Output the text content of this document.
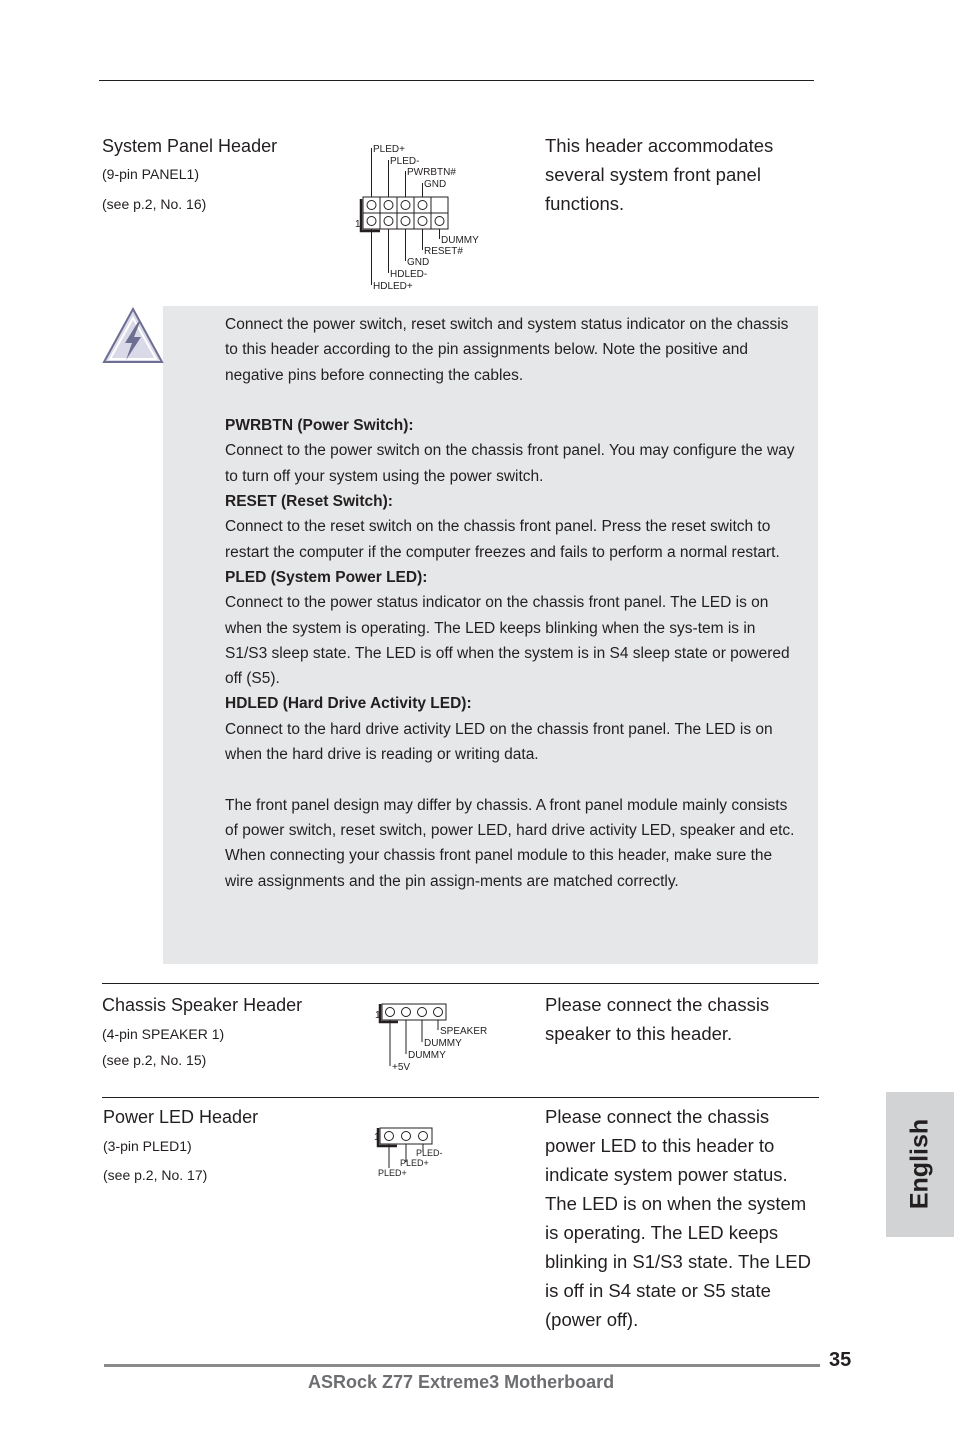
System Panel Header
(9-pin PANEL1)
(see p.2, No. 16)
This header accommodates several system front panel functions.
1
PLED+
PLED-
PWRBTN#
GND
DUMMY
RESET#
GND
HDLED-
HDLED+

Connect the power switch, reset switch and system status indicator on the chassis to this header according to the pin assignments below. Note the positive and negative pins before connecting the cables.

PWRBTN (Power Switch):

Connect to the power switch on the chassis front panel. You may configure the way to turn off your system using the power switch.

RESET (Reset Switch):

Connect to the reset switch on the chassis front panel. Press the reset switch to restart the computer if the computer freezes and fails to perform a normal restart.

PLED (System Power LED):

Connect to the power status indicator on the chassis front panel. The LED is on when the system is operating. The LED keeps blinking when the sys-tem is in S1/S3 sleep state. The LED is off when the system is in S4 sleep state or powered off (S5).

HDLED (Hard Drive Activity LED):

Connect to the hard drive activity LED on the chassis front panel. The LED is on when the hard drive is reading or writing data.

The front panel design may differ by chassis. A front panel module mainly consists of power switch, reset switch, power LED, hard drive activity LED, speaker and etc. When connecting your chassis front panel module to this header, make sure the wire assignments and the pin assign-ments are matched correctly.

Chassis Speaker Header
(4-pin SPEAKER 1)
(see p.2, No. 15)
Please connect the chassis speaker to this header.
1
SPEAKER
DUMMY
DUMMY
+5V
Power LED Header
(3-pin PLED1)
(see p.2, No. 17)
Please connect the chassis power LED to this header to indicate system power status. The LED is on when the system is operating. The LED keeps blinking in S1/S3 state. The LED is off in S4 state or S5 state (power off).
1
PLED-
PLED+
PLED+	English
35
ASRock Z77 Extreme3 Motherboard
